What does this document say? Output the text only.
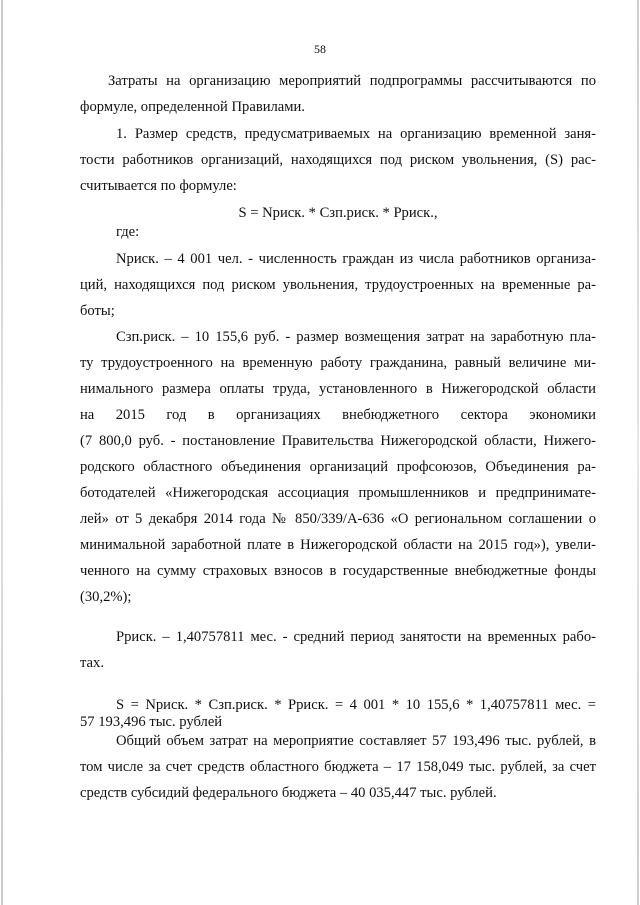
58
Затраты на организацию мероприятий подпрограммы рассчитываются по
формуле, определенной Правилами.
1. Размер средств, предусматриваемых на организацию временной заня-
тости работников организаций, находящихся под риском увольнения, (S) рас-
считывается по формуле:
S = Nриск. * Сзп.риск. * Рриск.,
где:
Nриск. – 4 001 чел. - численность граждан из числа работников организа-
ций, находящихся под риском увольнения, трудоустроенных на временные ра-
боты;
Сзп.риск. – 10 155,6 руб. - размер возмещения затрат на заработную пла-
ту трудоустроенного на временную работу гражданина, равный величине ми-
нимального размера оплаты труда, установленного в Нижегородской области
на 2015 год в организациях внебюджетного сектора экономики
(7 800,0 руб. - постановление Правительства Нижегородской области, Нижего-
родского областного объединения организаций профсоюзов, Объединения ра-
ботодателей «Нижегородская ассоциация промышленников и предпринимате-
лей» от 5 декабря 2014 года № 850/339/А-636 «О региональном соглашении о
минимальной заработной плате в Нижегородской области на 2015 год»), увели-
ченного на сумму страховых взносов в государственные внебюджетные фонды
(30,2%);
Рриск. – 1,40757811 мес. - средний период занятости на временных рабо-
тах.
S = Nриск. * Сзп.риск. * Рриск. = 4 001 * 10 155,6 * 1,40757811 мес. =
57 193,496 тыс. рублей
Общий объем затрат на мероприятие составляет 57 193,496 тыс. рублей, в
том числе за счет средств областного бюджета – 17 158,049 тыс. рублей, за счет
средств субсидий федерального бюджета – 40 035,447 тыс. рублей.
